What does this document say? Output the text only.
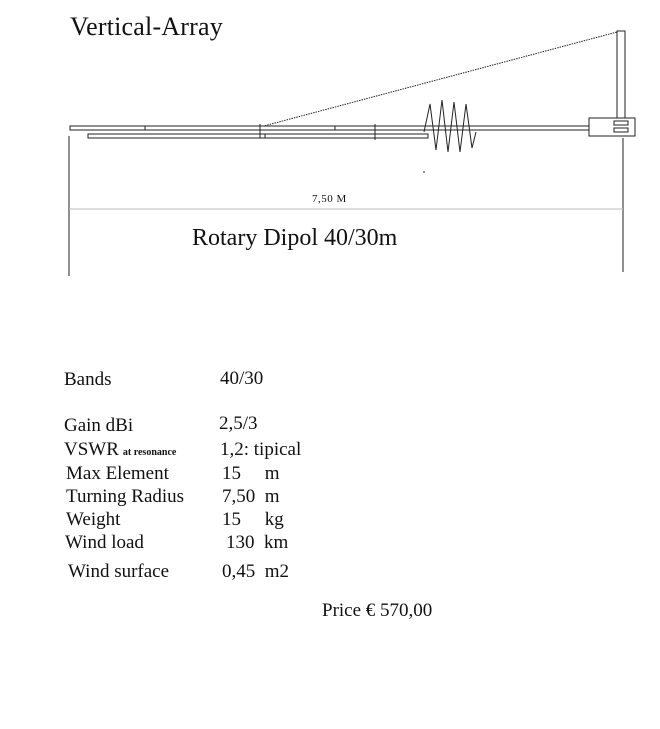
Vertical-Array
7,50 M
Rotary Dipol 40/30m
Bands	40/30
Gain dBi	2,5/3
VSWR at resonance 1,2: tipical
Max Element	15     m
Turning Radius 7,50  m
Weight	15     kg
Wind load	130  km
Wind surface	0,45  m2
Price € 570,00
